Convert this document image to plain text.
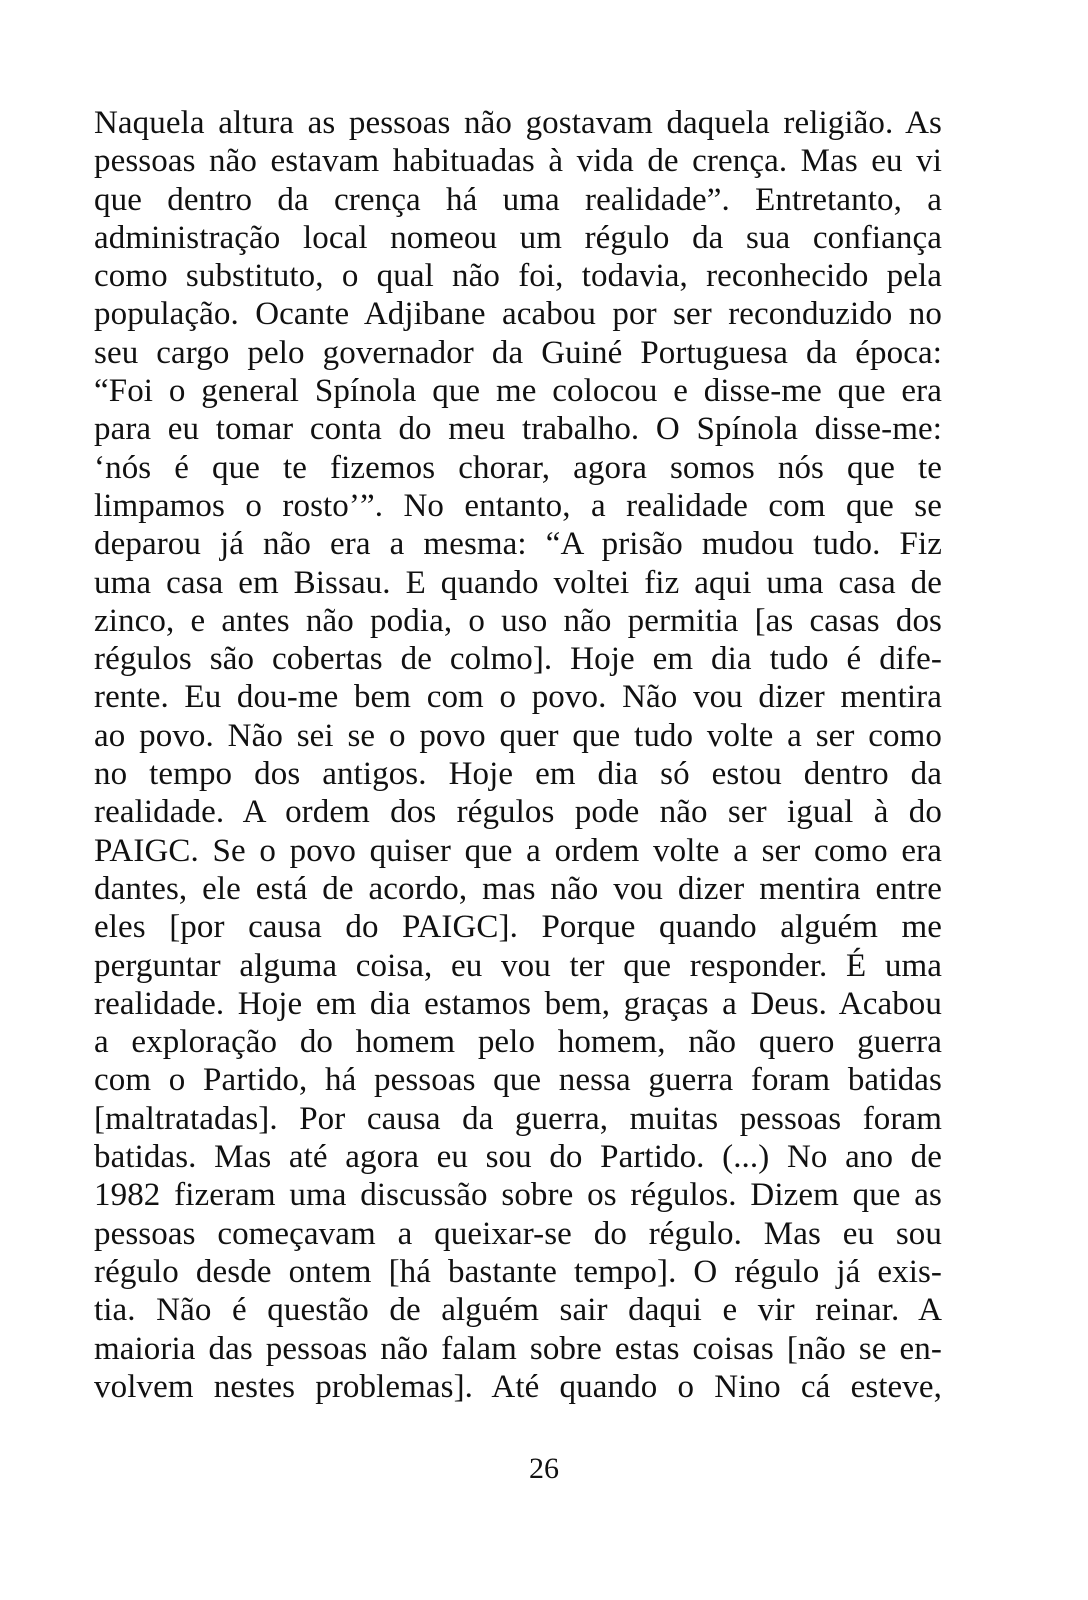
Naquela altura as pessoas não gostavam daquela religião. As
pessoas não estavam habituadas à vida de crença. Mas eu vi
que dentro da crença há uma realidade”. Entretanto, a
administração local nomeou um régulo da sua confiança
como substituto, o qual não foi, todavia, reconhecido pela
população. Ocante Adjibane acabou por ser reconduzido no
seu cargo pelo governador da Guiné Portuguesa da época:
“Foi o general Spínola que me colocou e disse-me que era
para eu tomar conta do meu trabalho. O Spínola disse-me:
‘nós é que te fizemos chorar, agora somos nós que te
limpamos o rosto’”. No entanto, a realidade com que se
deparou já não era a mesma: “A prisão mudou tudo. Fiz
uma casa em Bissau. E quando voltei fiz aqui uma casa de
zinco, e antes não podia, o uso não permitia [as casas dos
régulos são cobertas de colmo]. Hoje em dia tudo é dife-
rente. Eu dou-me bem com o povo. Não vou dizer mentira
ao povo. Não sei se o povo quer que tudo volte a ser como
no tempo dos antigos. Hoje em dia só estou dentro da
realidade. A ordem dos régulos pode não ser igual à do
PAIGC. Se o povo quiser que a ordem volte a ser como era
dantes, ele está de acordo, mas não vou dizer mentira entre
eles [por causa do PAIGC]. Porque quando alguém me
perguntar alguma coisa, eu vou ter que responder. É uma
realidade. Hoje em dia estamos bem, graças a Deus. Acabou
a exploração do homem pelo homem, não quero guerra
com o Partido, há pessoas que nessa guerra foram batidas
[maltratadas]. Por causa da guerra, muitas pessoas foram
batidas. Mas até agora eu sou do Partido. (...) No ano de
1982 fizeram uma discussão sobre os régulos. Dizem que as
pessoas começavam a queixar-se do régulo. Mas eu sou
régulo desde ontem [há bastante tempo]. O régulo já exis-
tia. Não é questão de alguém sair daqui e vir reinar. A
maioria das pessoas não falam sobre estas coisas [não se en-
volvem nestes problemas]. Até quando o Nino cá esteve,
26
